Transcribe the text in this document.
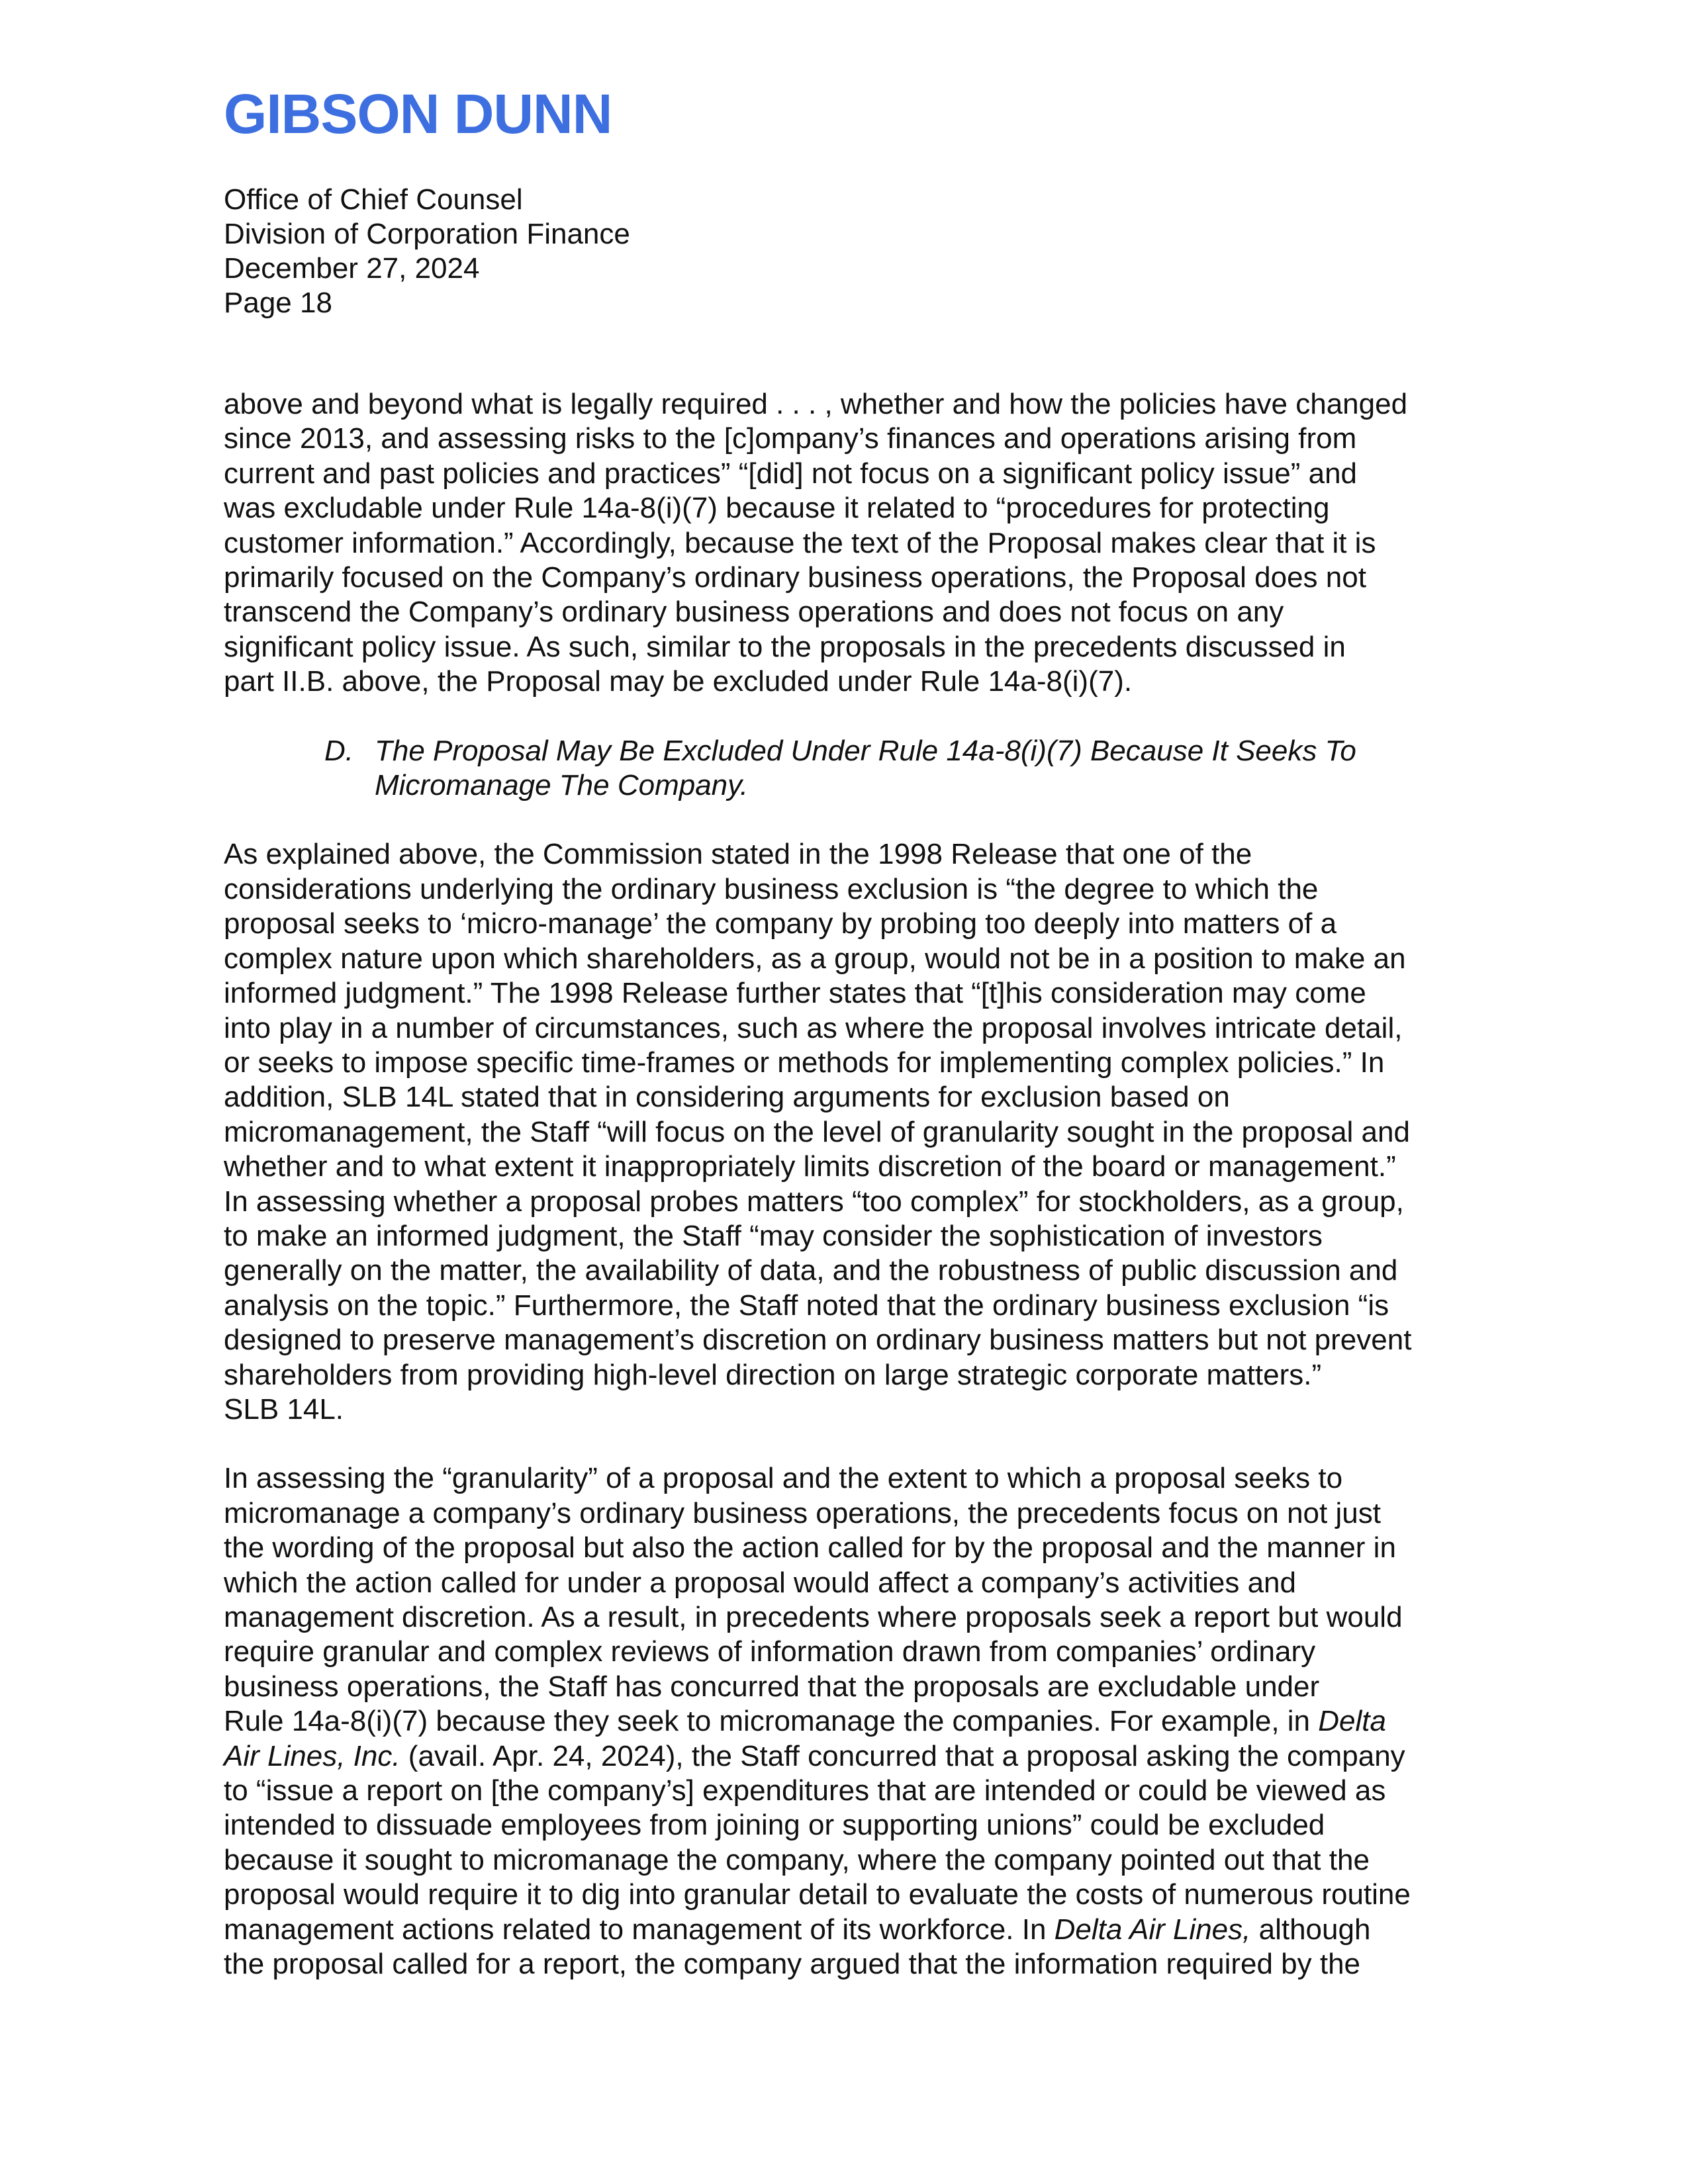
GIBSON DUNN
Office of Chief Counsel
Division of Corporation Finance
December 27, 2024
Page 18

above and beyond what is legally required . . . , whether and how the policies have changed
since 2013, and assessing risks to the [c]ompany’s finances and operations arising from
current and past policies and practices” “[did] not focus on a significant policy issue” and
was excludable under Rule 14a-8(i)(7) because it related to “procedures for protecting
customer information.” Accordingly, because the text of the Proposal makes clear that it is
primarily focused on the Company’s ordinary business operations, the Proposal does not
transcend the Company’s ordinary business operations and does not focus on any
significant policy issue. As such, similar to the proposals in the precedents discussed in
part II.B. above, the Proposal may be excluded under Rule 14a-8(i)(7).

D. The Proposal May Be Excluded Under Rule 14a-8(i)(7) Because It Seeks To
Micromanage The Company.

As explained above, the Commission stated in the 1998 Release that one of the
considerations underlying the ordinary business exclusion is “the degree to which the
proposal seeks to ‘micro-manage’ the company by probing too deeply into matters of a
complex nature upon which shareholders, as a group, would not be in a position to make an
informed judgment.” The 1998 Release further states that “[t]his consideration may come
into play in a number of circumstances, such as where the proposal involves intricate detail,
or seeks to impose specific time-frames or methods for implementing complex policies.” In
addition, SLB 14L stated that in considering arguments for exclusion based on
micromanagement, the Staff “will focus on the level of granularity sought in the proposal and
whether and to what extent it inappropriately limits discretion of the board or management.”
In assessing whether a proposal probes matters “too complex” for stockholders, as a group,
to make an informed judgment, the Staff “may consider the sophistication of investors
generally on the matter, the availability of data, and the robustness of public discussion and
analysis on the topic.” Furthermore, the Staff noted that the ordinary business exclusion “is
designed to preserve management’s discretion on ordinary business matters but not prevent
shareholders from providing high-level direction on large strategic corporate matters.”
SLB 14L.

In assessing the “granularity” of a proposal and the extent to which a proposal seeks to
micromanage a company’s ordinary business operations, the precedents focus on not just
the wording of the proposal but also the action called for by the proposal and the manner in
which the action called for under a proposal would affect a company’s activities and
management discretion. As a result, in precedents where proposals seek a report but would
require granular and complex reviews of information drawn from companies’ ordinary
business operations, the Staff has concurred that the proposals are excludable under
Rule 14a-8(i)(7) because they seek to micromanage the companies. For example, in Delta
Air Lines, Inc. (avail. Apr. 24, 2024), the Staff concurred that a proposal asking the company
to “issue a report on [the company’s] expenditures that are intended or could be viewed as
intended to dissuade employees from joining or supporting unions” could be excluded
because it sought to micromanage the company, where the company pointed out that the
proposal would require it to dig into granular detail to evaluate the costs of numerous routine
management actions related to management of its workforce. In Delta Air Lines, although
the proposal called for a report, the company argued that the information required by the
